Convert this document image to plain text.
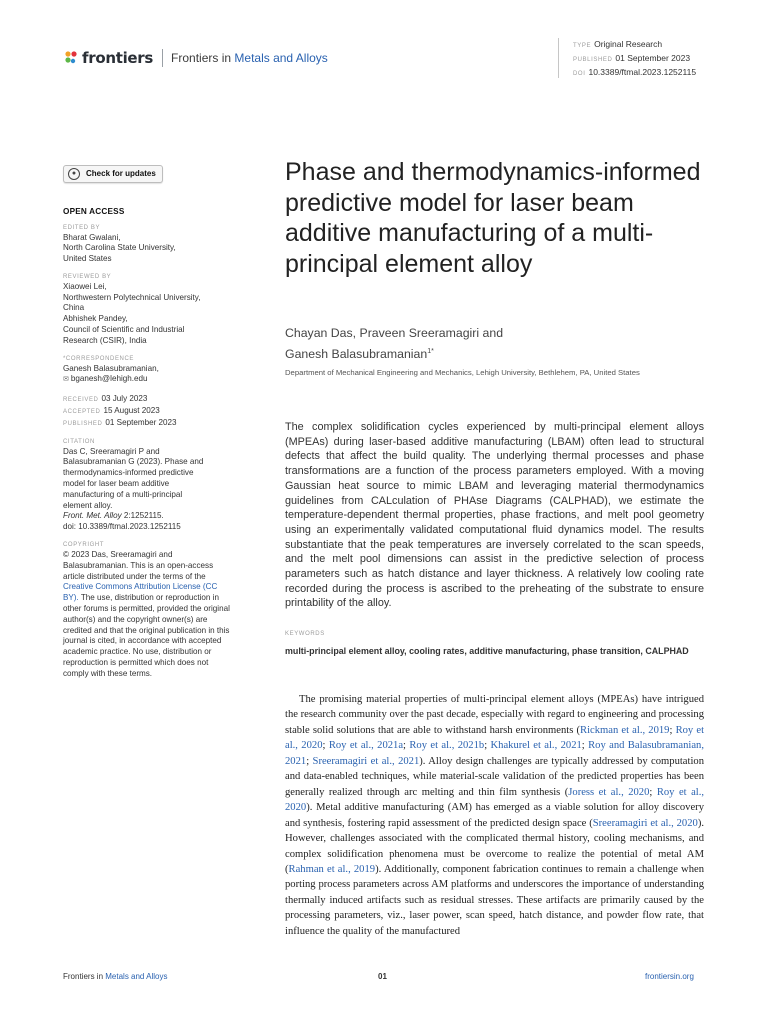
frontiers Frontiers in Metals and Alloys
TYPE Original Research
PUBLISHED 01 September 2023
DOI 10.3389/ftmal.2023.1252115
●	Check for updates
OPEN ACCESS
EDITED BY
Bharat Gwalani,
North Carolina State University,
United States
REVIEWED BY
Xiaowei Lei,
Northwestern Polytechnical University,
China
Abhishek Pandey,
Council of Scientific and Industrial
Research (CSIR), India
*CORRESPONDENCE
Ganesh Balasubramanian,
✉ bganesh@lehigh.edu
RECEIVED 03 July 2023
ACCEPTED 15 August 2023
PUBLISHED 01 September 2023
CITATION
Das C, Sreeramagiri P and
Balasubramanian G (2023). Phase and
thermodynamics-informed predictive
model for laser beam additive
manufacturing of a multi-principal
element alloy.
Front. Met. Alloy 2:1252115.
doi: 10.3389/ftmal.2023.1252115
COPYRIGHT
© 2023 Das, Sreeramagiri and Balasubramanian. This is an open-access article distributed under the terms of the Creative Commons Attribution License (CC BY). The use, distribution or reproduction in other forums is permitted, provided the original author(s) and the copyright owner(s) are credited and that the original publication in this journal is cited, in accordance with accepted academic practice. No use, distribution or reproduction is permitted which does not comply with these terms.
Phase and thermodynamics-informed predictive model for laser beam additive manufacturing of a multi-principal element alloy
Chayan Das, Praveen Sreeramagiri and
Ganesh Balasubramanian$^{1*}$
Department of Mechanical Engineering and Mechanics, Lehigh University, Bethlehem, PA, United States

The complex solidification cycles experienced by multi-principal element alloys (MPEAs) during laser-based additive manufacturing (LBAM) often lead to structural defects that affect the build quality. The underlying thermal processes and phase transformations are a function of the process parameters employed. With a moving Gaussian heat source to mimic LBAM and leveraging material thermodynamics guidelines from CALculation of PHAse Diagrams (CALPHAD), we estimate the temperature-dependent thermal properties, phase fractions, and melt pool geometry using an experimentally validated computational fluid dynamics model. The results substantiate that the peak temperatures are inversely correlated to the scan speeds, and the melt pool dimensions can assist in the predictive selection of process parameters such as hatch distance and layer thickness. A relatively low cooling rate recorded during the process is ascribed to the preheating of the substrate to ensure printability of the alloy.

KEYWORDS
multi-principal element alloy, cooling rates, additive manufacturing, phase transition, CALPHAD

The promising material properties of multi-principal element alloys (MPEAs) have intrigued the research community over the past decade, especially with regard to engineering and processing stable solid solutions that are able to withstand harsh environments (Rickman et al., 2019; Roy et al., 2020; Roy et al., 2021a; Roy et al., 2021b; Khakurel et al., 2021; Roy and Balasubramanian, 2021; Sreeramagiri et al., 2021). Alloy design challenges are typically addressed by computation and data-enabled techniques, while material-scale validation of the predicted properties has been generally realized through arc melting and thin film synthesis (Joress et al., 2020; Roy et al., 2020). Metal additive manufacturing (AM) has emerged as a viable solution for alloy discovery and synthesis, fostering rapid assessment of the predicted design space (Sreeramagiri et al., 2020). However, challenges associated with the complicated thermal history, cooling mechanisms, and complex solidification phenomena must be overcome to realize the potential of metal AM (Rahman et al., 2019). Additionally, component fabrication continues to remain a challenge when porting process parameters across AM platforms and underscores the importance of understanding thermally induced artifacts such as residual stresses. These artifacts are primarily caused by the processing parameters, viz., laser power, scan speed, hatch distance, and powder flow rate, that influence the quality of the manufactured

Frontiers in Metals and Alloys	01	frontiersin.org
